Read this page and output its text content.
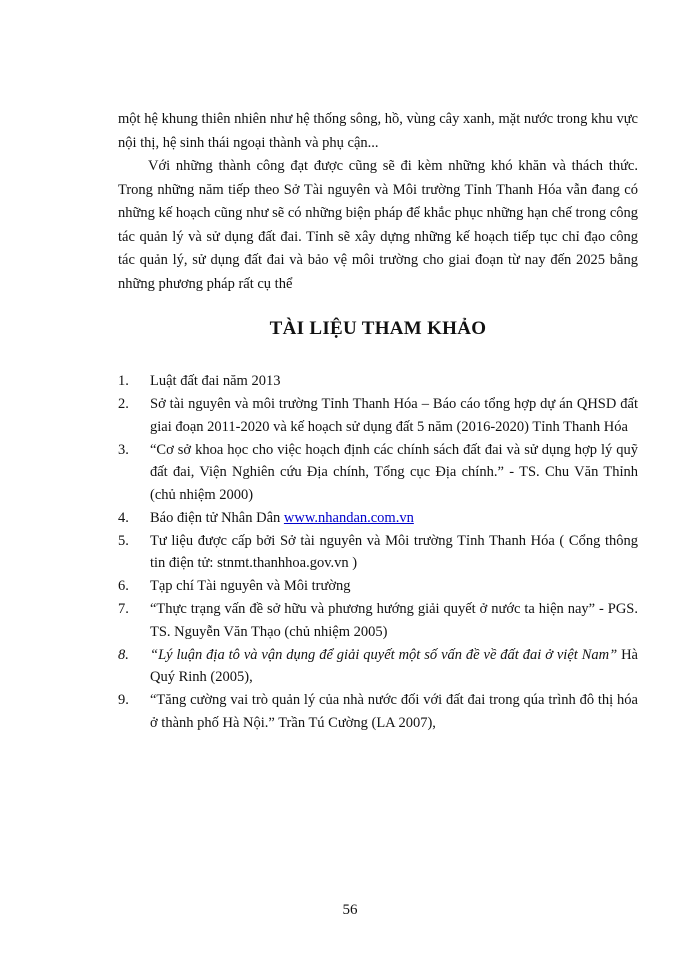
một hệ khung thiên nhiên như hệ thống sông, hồ, vùng cây xanh, mặt nước trong khu vực nội thị, hệ sinh thái ngoại thành và phụ cận...

Với những thành công đạt được cũng sẽ đi kèm những khó khăn và thách thức. Trong những năm tiếp theo Sở Tài nguyên và Môi trường Tỉnh Thanh Hóa vẫn đang có những kế hoạch cũng như sẽ có những biện pháp để khắc phục những hạn chế trong công tác quản lý và sử dụng đất đai. Tỉnh sẽ xây dựng những kế hoạch tiếp tục chỉ đạo công tác quản lý, sử dụng đất đai và bảo vệ môi trường cho giai đoạn từ nay đến 2025 bằng những phương pháp rất cụ thể

TÀI LIỆU THAM KHẢO
1. Luật đất đai năm 2013
2. Sở tài nguyên và môi trường Tỉnh Thanh Hóa – Báo cáo tổng hợp dự án QHSD đất giai đoạn 2011-2020 và kế hoạch sử dụng đất 5 năm (2016-2020) Tỉnh Thanh Hóa
3. “Cơ sở khoa học cho việc hoạch định các chính sách đất đai và sử dụng hợp lý quỹ đất đai, Viện Nghiên cứu Địa chính, Tổng cục Địa chính.” - TS. Chu Văn Thỉnh (chủ nhiệm 2000)
4. Báo điện tử Nhân Dân www.nhandan.com.vn
5. Tư liệu được cấp bởi Sở tài nguyên và Môi trường Tỉnh Thanh Hóa ( Cổng thông tin điện tử: stnmt.thanhhoa.gov.vn )
6. Tạp chí Tài nguyên và Môi trường
7. “Thực trạng vấn đề sở hữu và phương hướng giải quyết ở nước ta hiện nay” - PGS. TS. Nguyễn Văn Thạo (chủ nhiệm 2005)
8. “Lý luận địa tô và vận dụng để giải quyết một số vấn đề về đất đai ở việt Nam” Hà Quý Rinh (2005),
9. “Tăng cường vai trò quản lý của nhà nước đối với đất đai trong qúa trình đô thị hóa ở thành phố Hà Nội.” Trần Tú Cường (LA 2007),
56
